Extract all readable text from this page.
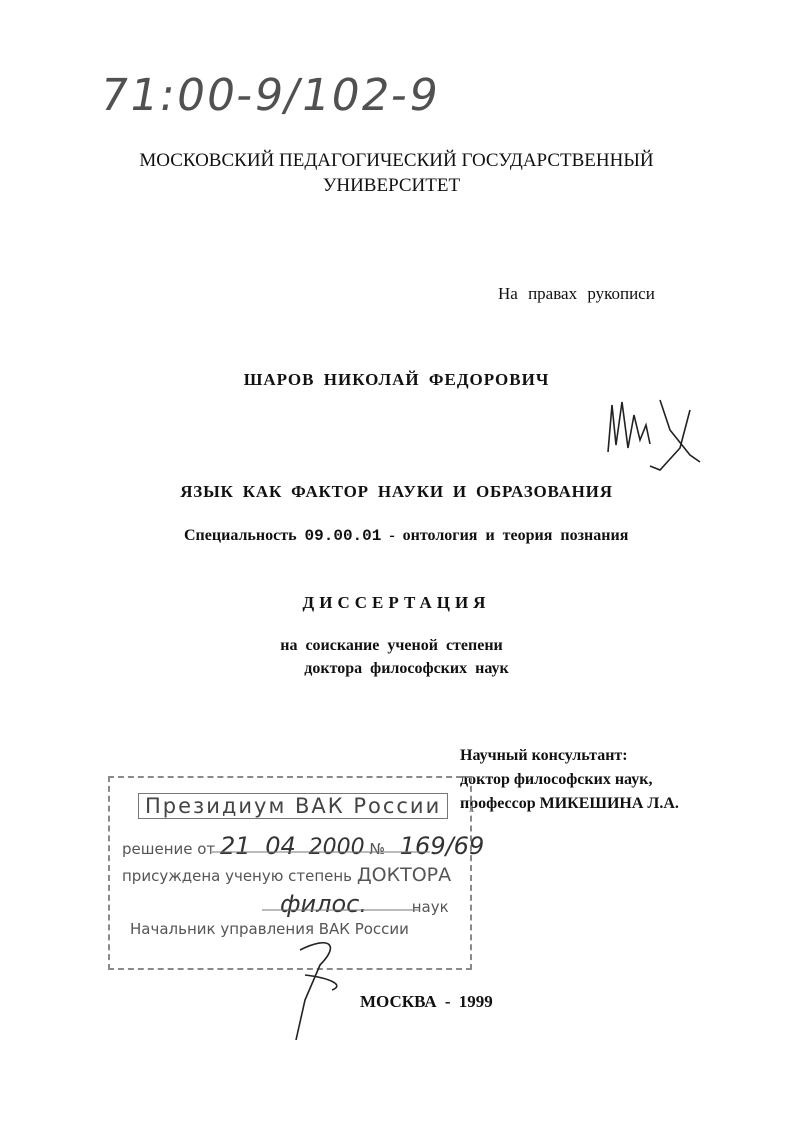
71:00-9/102-9
МОСКОВСКИЙ ПЕДАГОГИЧЕСКИЙ ГОСУДАРСТВЕННЫЙ
УНИВЕРСИТЕТ
На правах рукописи
ШАРОВ НИКОЛАЙ ФЕДОРОВИЧ
ЯЗЫК КАК ФАКТОР НАУКИ И ОБРАЗОВАНИЯ
Специальность 09.00.01 - онтология и теория познания
ДИССЕРТАЦИЯ
на соискание ученой степени
доктора философских наук
Научный консультант:
доктор философских наук,
профессор МИКЕШИНА Л.А.
Президиум ВАК России
решение от 21 04 2000 № 169/69
присуждена ученую степень ДОКТОРА
филос.	наук
Начальник управления ВАК России
МОСКВА - 1999
